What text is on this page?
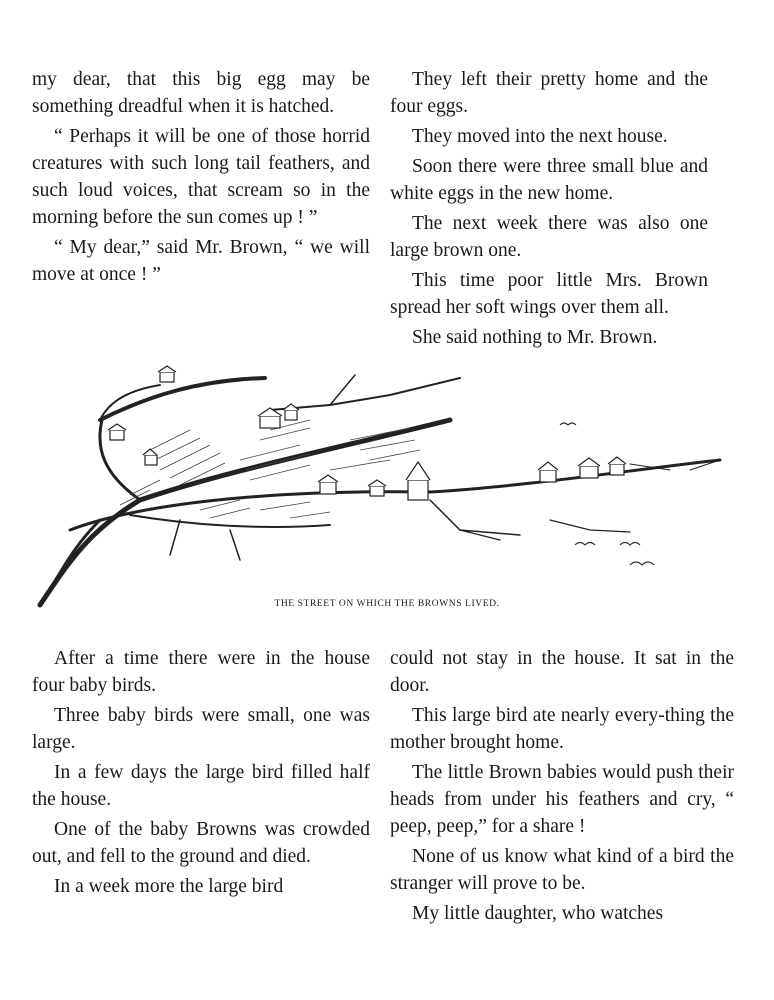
my dear, that this big egg may be something dreadful when it is hatched.

“ Perhaps it will be one of those horrid creatures with such long tail feathers, and such loud voices, that scream so in the morning before the sun comes up ! ”

“ My dear,” said Mr. Brown, “ we will move at once ! ”

They left their pretty home and the four eggs.

They moved into the next house.

Soon there were three small blue and white eggs in the new home.

The next week there was also one large brown one.

This time poor little Mrs. Brown spread her soft wings over them all.

She said nothing to Mr. Brown.

THE STREET ON WHICH THE BROWNS LIVED.

After a time there were in the house four baby birds.

Three baby birds were small, one was large.

In a few days the large bird filled half the house.

One of the baby Browns was crowded out, and fell to the ground and died.

In a week more the large bird

could not stay in the house. It sat in the door.

This large bird ate nearly every-thing the mother brought home.

The little Brown babies would push their heads from under his feathers and cry, “ peep, peep,” for a share !

None of us know what kind of a bird the stranger will prove to be.

My little daughter, who watches
